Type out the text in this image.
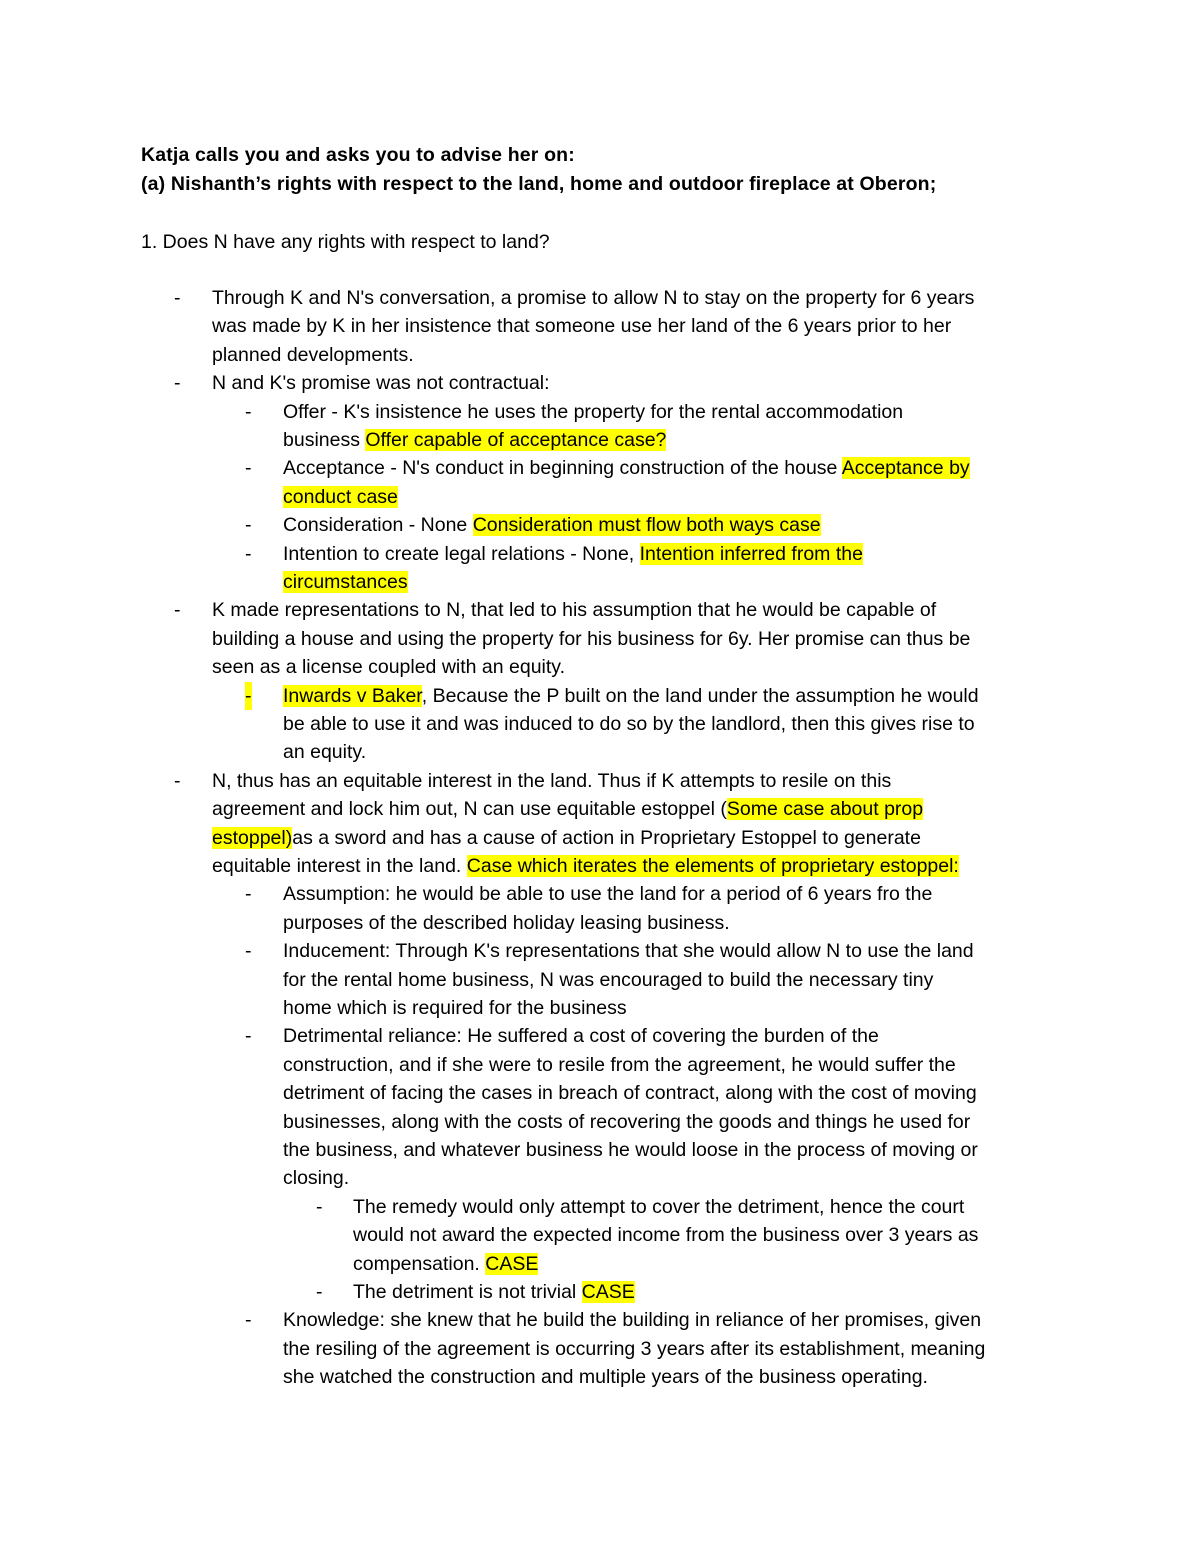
Katja calls you and asks you to advise her on:
(a) Nishanth’s rights with respect to the land, home and outdoor fireplace at Oberon;
1. Does N have any rights with respect to land?
- Through K and N's conversation, a promise to allow N to stay on the property for 6 years
was made by K in her insistence that someone use her land of the 6 years prior to her
planned developments.
- N and K's promise was not contractual:
- Offer - K's insistence he uses the property for the rental accommodation
business Offer capable of acceptance case?
- Acceptance - N's conduct in beginning construction of the house Acceptance by
conduct case
- Consideration - None Consideration must flow both ways case
- Intention to create legal relations - None, Intention inferred from the
circumstances
- K made representations to N, that led to his assumption that he would be capable of
building a house and using the property for his business for 6y. Her promise can thus be
seen as a license coupled with an equity.
- Inwards v Baker, Because the P built on the land under the assumption he would
be able to use it and was induced to do so by the landlord, then this gives rise to
an equity.
- N, thus has an equitable interest in the land. Thus if K attempts to resile on this
agreement and lock him out, N can use equitable estoppel (Some case about prop
estoppel)as a sword and has a cause of action in Proprietary Estoppel to generate
equitable interest in the land. Case which iterates the elements of proprietary estoppel:
- Assumption: he would be able to use the land for a period of 6 years fro the
purposes of the described holiday leasing business.
- Inducement: Through K's representations that she would allow N to use the land
for the rental home business, N was encouraged to build the necessary tiny
home which is required for the business
- Detrimental reliance: He suffered a cost of covering the burden of the
construction, and if she were to resile from the agreement, he would suffer the
detriment of facing the cases in breach of contract, along with the cost of moving
businesses, along with the costs of recovering the goods and things he used for
the business, and whatever business he would loose in the process of moving or
closing.
- The remedy would only attempt to cover the detriment, hence the court
would not award the expected income from the business over 3 years as
compensation. CASE
- The detriment is not trivial CASE
- Knowledge: she knew that he build the building in reliance of her promises, given
the resiling of the agreement is occurring 3 years after its establishment, meaning
she watched the construction and multiple years of the business operating.
